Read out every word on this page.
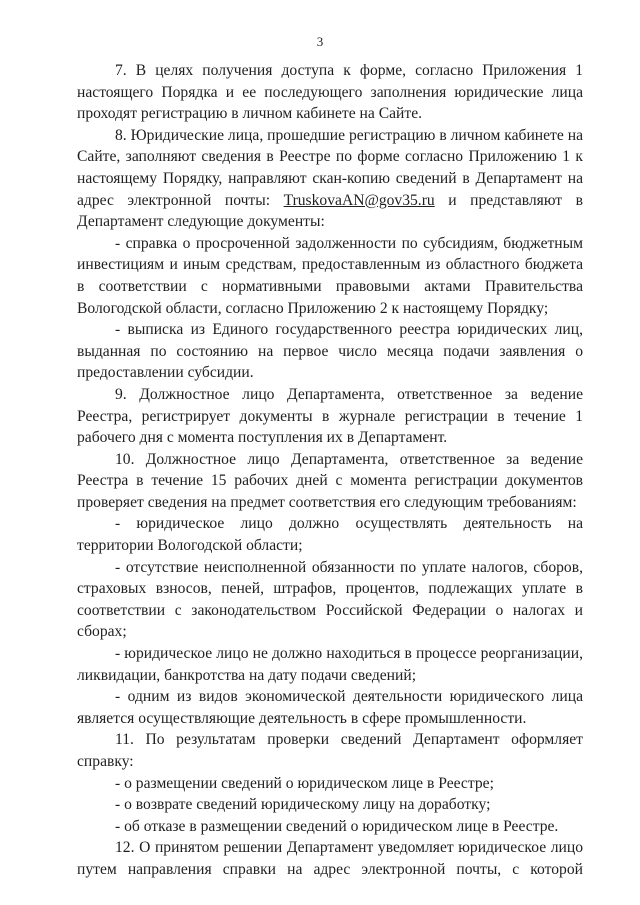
3

7. В целях получения доступа к форме, согласно Приложения 1 настоящего Порядка и ее последующего заполнения юридические лица проходят регистрацию в личном кабинете на Сайте.

8. Юридические лица, прошедшие регистрацию в личном кабинете на Сайте, заполняют сведения в Реестре по форме согласно Приложению 1 к настоящему Порядку, направляют скан-копию сведений в Департамент на адрес электронной почты: TruskovaAN@gov35.ru и представляют в Департамент следующие документы:

- справка о просроченной задолженности по субсидиям, бюджетным инвестициям и иным средствам, предоставленным из областного бюджета в соответствии с нормативными правовыми актами Правительства Вологодской области, согласно Приложению 2 к настоящему Порядку;

- выписка из Единого государственного реестра юридических лиц, выданная по состоянию на первое число месяца подачи заявления о предоставлении субсидии.

9. Должностное лицо Департамента, ответственное за ведение Реестра, регистрирует документы в журнале регистрации в течение 1 рабочего дня с момента поступления их в Департамент.

10. Должностное лицо Департамента, ответственное за ведение Реестра в течение 15 рабочих дней с момента регистрации документов проверяет сведения на предмет соответствия его следующим требованиям:

- юридическое лицо должно осуществлять деятельность на территории Вологодской области;

- отсутствие неисполненной обязанности по уплате налогов, сборов, страховых взносов, пеней, штрафов, процентов, подлежащих уплате в соответствии с законодательством Российской Федерации о налогах и сборах;

- юридическое лицо не должно находиться в процессе реорганизации, ликвидации, банкротства на дату подачи сведений;

- одним из видов экономической деятельности юридического лица является осуществляющие деятельность в сфере промышленности.

11. По результатам проверки сведений Департамент оформляет справку:

- о размещении сведений о юридическом лице в Реестре;

- о возврате сведений юридическому лицу на доработку;

- об отказе в размещении сведений о юридическом лице в Реестре.

12. О принятом решении Департамент уведомляет юридическое лицо путем направления справки на адрес электронной почты, с которой
